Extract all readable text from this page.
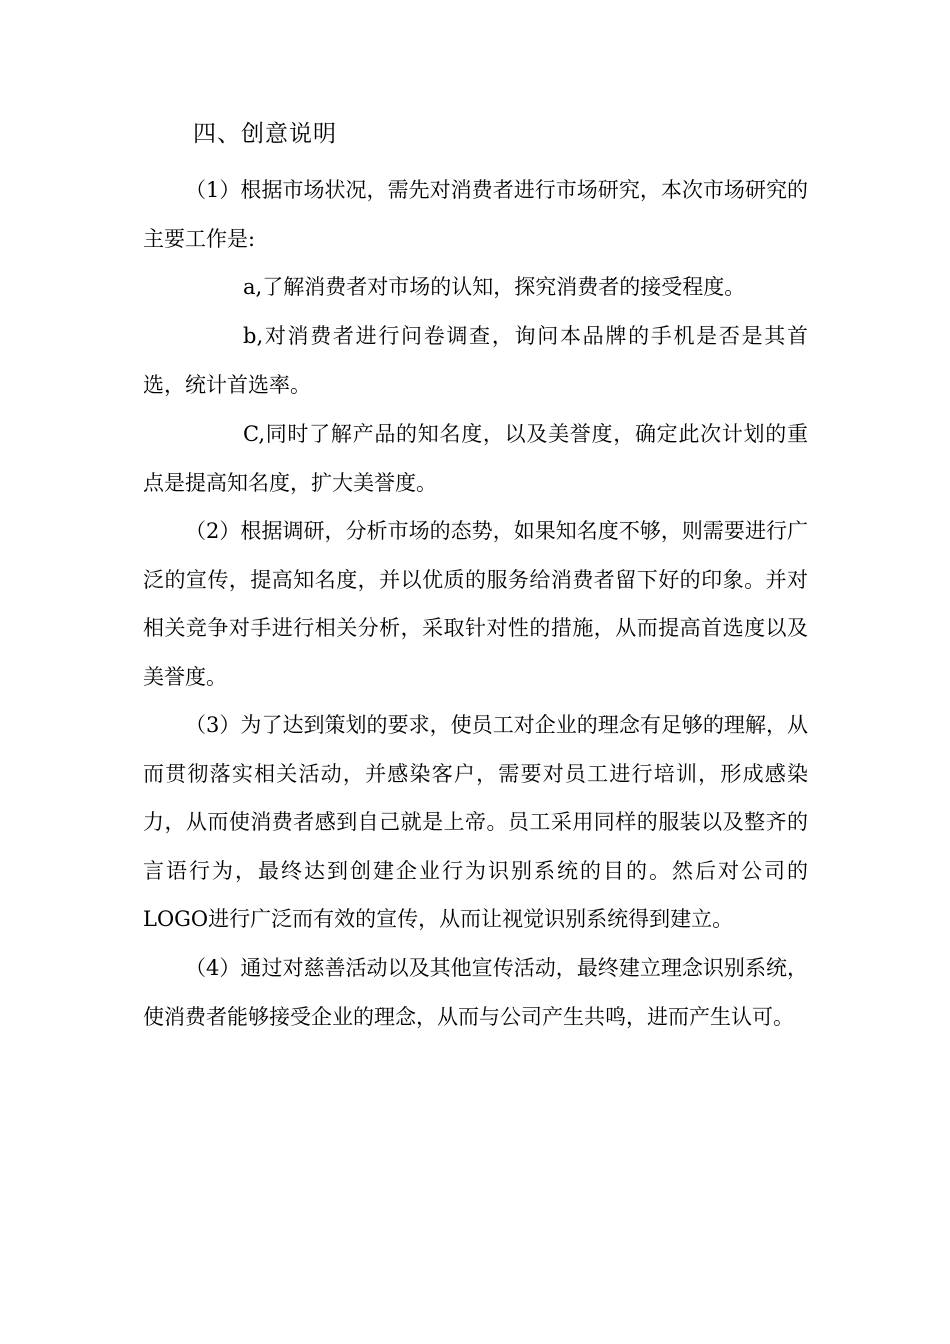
四、创意说明
（1）根据市场状况，需先对消费者进行市场研究，本次市场研究的主要工作是:
a,了解消费者对市场的认知，探究消费者的接受程度。
b,对消费者进行问卷调查，询问本品牌的手机是否是其首选，统计首选率。
C,同时了解产品的知名度，以及美誉度，确定此次计划的重点是提高知名度，扩大美誉度。
（2）根据调研，分析市场的态势，如果知名度不够，则需要进行广泛的宣传，提高知名度，并以优质的服务给消费者留下好的印象。并对相关竞争对手进行相关分析，采取针对性的措施，从而提高首选度以及美誉度。
（3）为了达到策划的要求，使员工对企业的理念有足够的理解，从而贯彻落实相关活动，并感染客户，需要对员工进行培训，形成感染力，从而使消费者感到自己就是上帝。员工采用同样的服装以及整齐的言语行为，最终达到创建企业行为识别系统的目的。然后对公司的LOGO进行广泛而有效的宣传，从而让视觉识别系统得到建立。
（4）通过对慈善活动以及其他宣传活动，最终建立理念识别系统，使消费者能够接受企业的理念，从而与公司产生共鸣，进而产生认可。
